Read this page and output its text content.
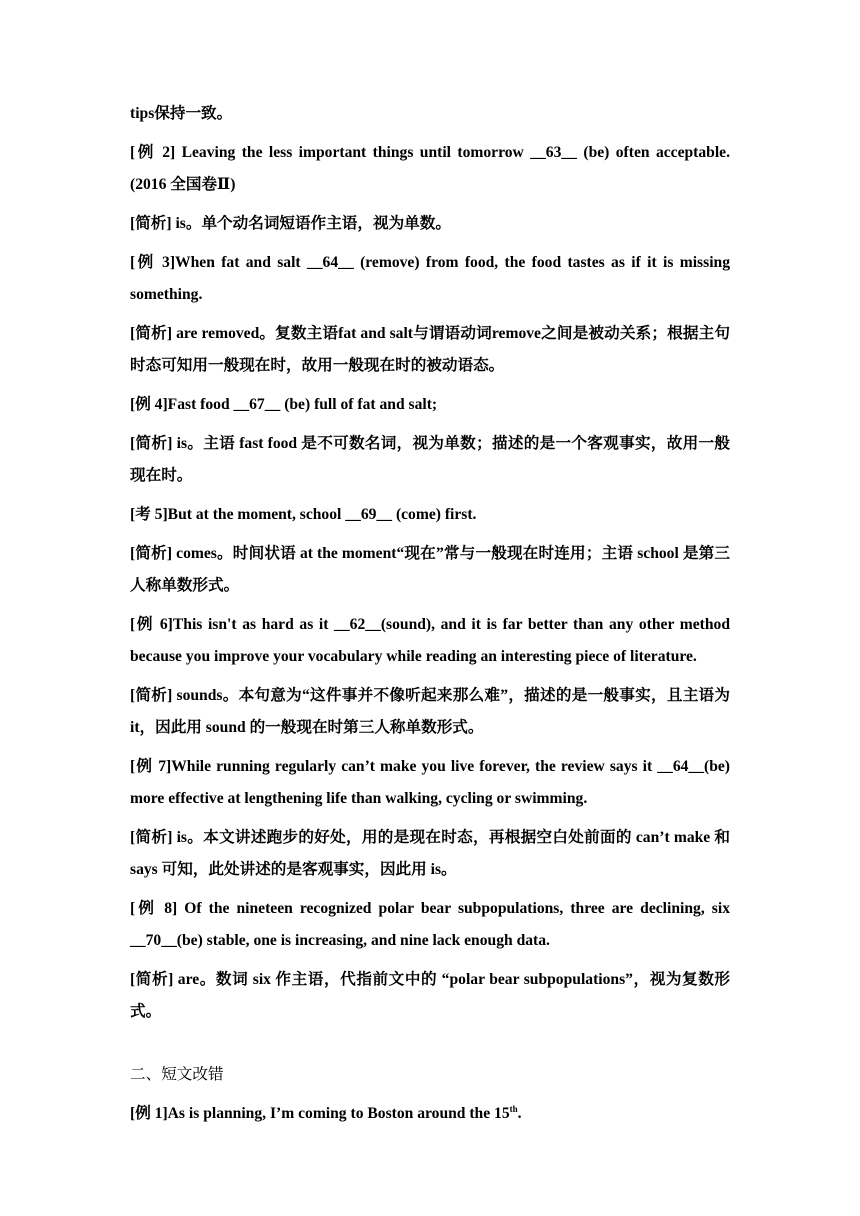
tips保持一致。

[例 2] Leaving the less important things until tomorrow __63__ (be) often acceptable. (2016 全国卷Ⅱ)

[简析] is。单个动名词短语作主语，视为单数。

[例 3]When fat and salt __64__ (remove) from food, the food tastes as if it is missing something.

[简析] are removed。复数主语fat and salt与谓语动词remove之间是被动关系；根据主句时态可知用一般现在时，故用一般现在时的被动语态。

[例 4]Fast food __67__ (be) full of fat and salt;

[简析] is。主语 fast food 是不可数名词，视为单数；描述的是一个客观事实，故用一般现在时。

[考 5]But at the moment, school __69__ (come) first.

[简析] comes。时间状语 at the moment“现在”常与一般现在时连用；主语 school 是第三人称单数形式。

[例 6]This isn't as hard as it __62__(sound), and it is far better than any other method because you improve your vocabulary while reading an interesting piece of literature.

[简析] sounds。本句意为“这件事并不像听起来那么难”，描述的是一般事实，且主语为 it，因此用 sound 的一般现在时第三人称单数形式。

[例 7]While running regularly can’t make you live forever, the review says it __64__(be) more effective at lengthening life than walking, cycling or swimming.

[简析] is。本文讲述跑步的好处，用的是现在时态，再根据空白处前面的 can’t make 和 says 可知，此处讲述的是客观事实，因此用 is。

[例 8] Of the nineteen recognized polar bear subpopulations, three are declining, six __70__(be) stable, one is increasing, and nine lack enough data.

[简析] are。数词 six 作主语，代指前文中的 “polar bear subpopulations”，视为复数形式。

二、短文改错

[例 1]As is planning, I’m coming to Boston around the 15th.
